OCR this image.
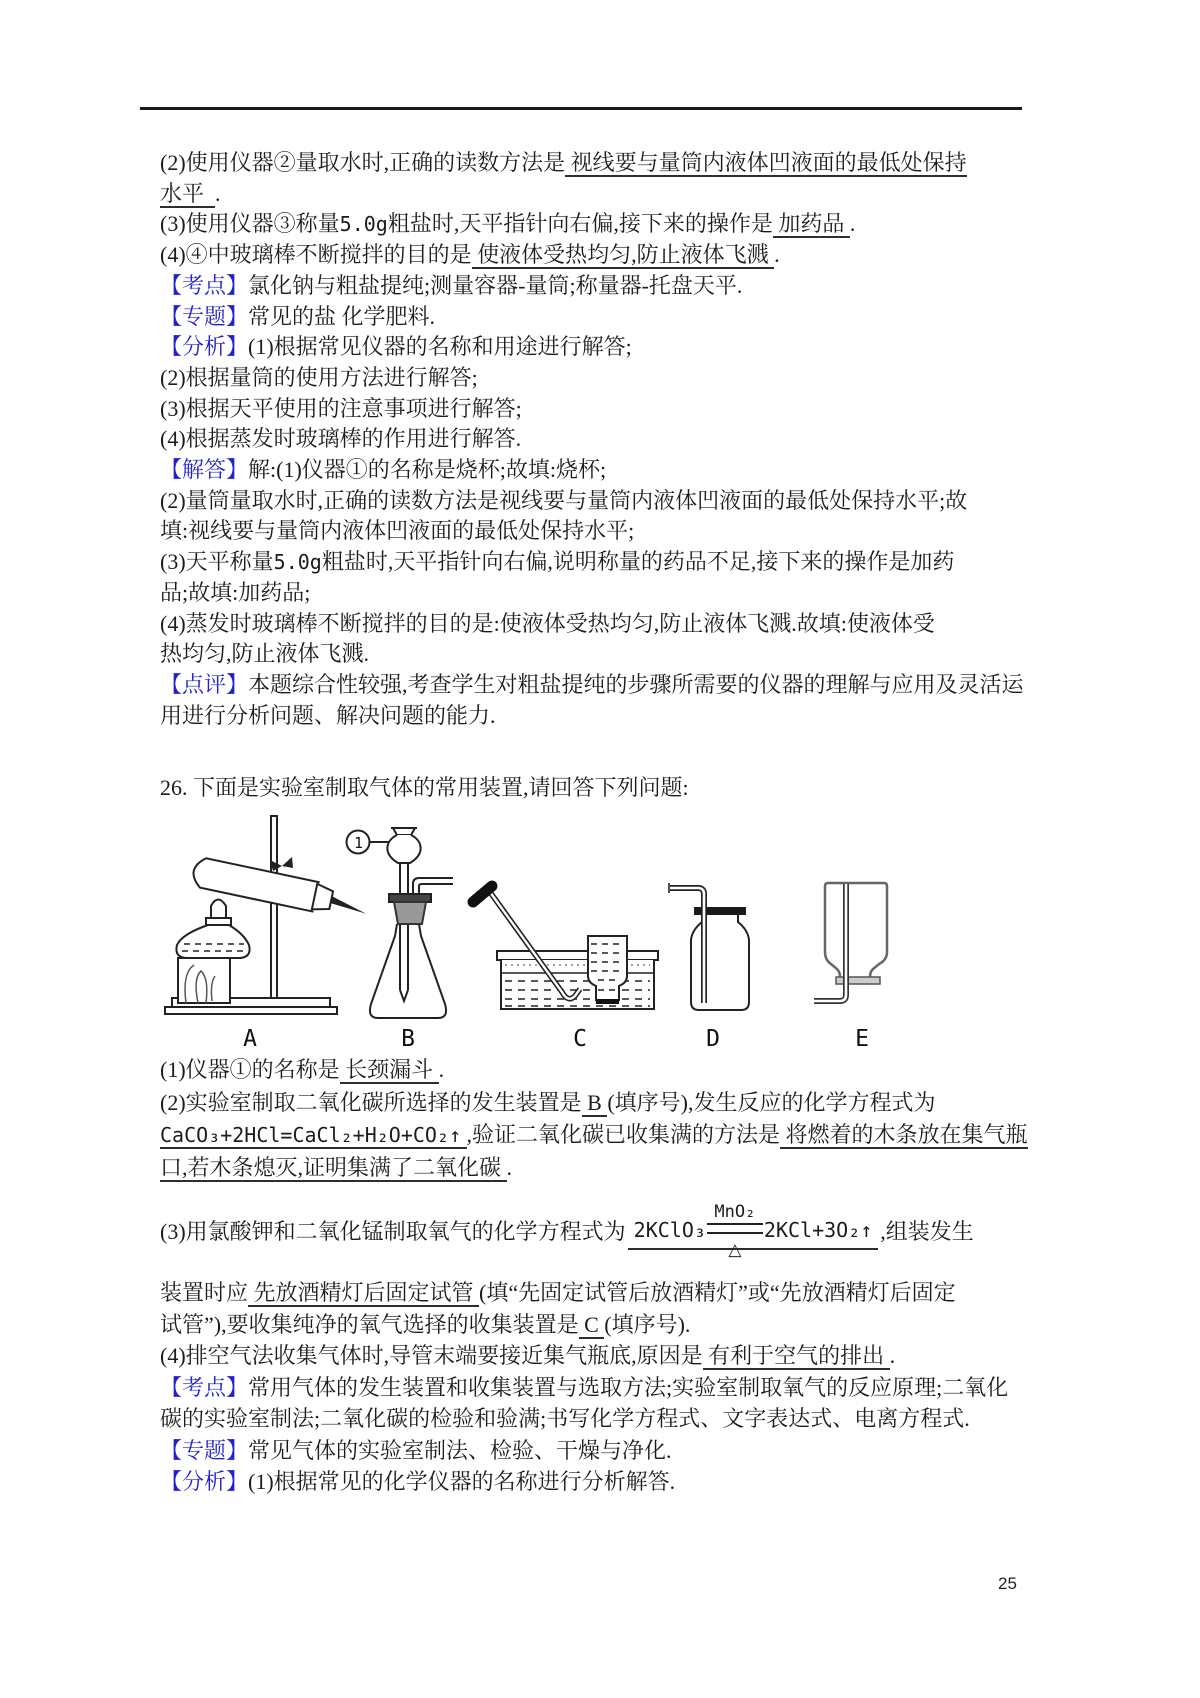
(2)使用仪器②量取水时,正确的读数方法是 视线要与量筒内液体凹液面的最低处保持
水平  .
(3)使用仪器③称量5.0g粗盐时,天平指针向右偏,接下来的操作是 加药品 .
(4)④中玻璃棒不断搅拌的目的是 使液体受热均匀,防止液体飞溅 .
【考点】氯化钠与粗盐提纯;测量容器-量筒;称量器-托盘天平.
【专题】常见的盐 化学肥料.
【分析】(1)根据常见仪器的名称和用途进行解答;
(2)根据量筒的使用方法进行解答;
(3)根据天平使用的注意事项进行解答;
(4)根据蒸发时玻璃棒的作用进行解答.
【解答】解:(1)仪器①的名称是烧杯;故填:烧杯;
(2)量筒量取水时,正确的读数方法是视线要与量筒内液体凹液面的最低处保持水平;故
填:视线要与量筒内液体凹液面的最低处保持水平;
(3)天平称量5.0g粗盐时,天平指针向右偏,说明称量的药品不足,接下来的操作是加药
品;故填:加药品;
(4)蒸发时玻璃棒不断搅拌的目的是:使液体受热均匀,防止液体飞溅.故填:使液体受
热均匀,防止液体飞溅.
【点评】本题综合性较强,考查学生对粗盐提纯的步骤所需要的仪器的理解与应用及灵活运
用进行分析问题、解决问题的能力.
26. 下面是实验室制取气体的常用装置,请回答下列问题:
1
A	B	C	D	E
(1)仪器①的名称是 长颈漏斗 .
(2)实验室制取二氧化碳所选择的发生装置是 B (填序号),发生反应的化学方程式为
CaCO₃+2HCl=CaCl₂+H₂O+CO₂↑ ,验证二氧化碳已收集满的方法是 将燃着的木条放在集气瓶
口,若木条熄灭,证明集满了二氧化碳 .
(3)用氯酸钾和二氧化锰制取氧气的化学方程式为 2KClO₃
MnO₂
△
2KCl+3O₂↑ ,组装发生
装置时应 先放酒精灯后固定试管 (填“先固定试管后放酒精灯”或“先放酒精灯后固定
试管”),要收集纯净的氧气选择的收集装置是 C (填序号).
(4)排空气法收集气体时,导管末端要接近集气瓶底,原因是 有利于空气的排出 .
【考点】常用气体的发生装置和收集装置与选取方法;实验室制取氧气的反应原理;二氧化
碳的实验室制法;二氧化碳的检验和验满;书写化学方程式、文字表达式、电离方程式.
【专题】常见气体的实验室制法、检验、干燥与净化.
【分析】(1)根据常见的化学仪器的名称进行分析解答.
25
